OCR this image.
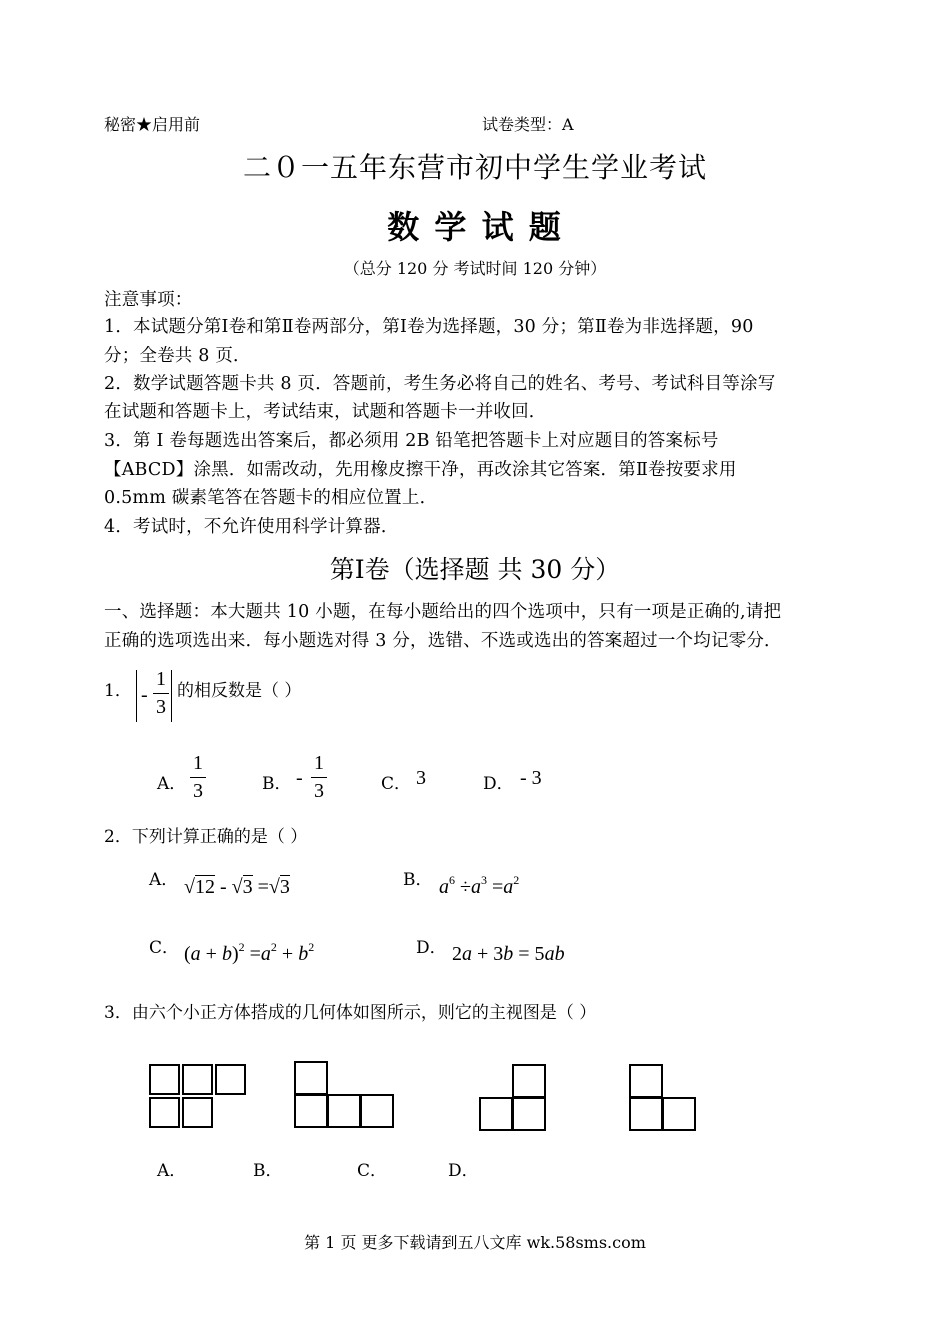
秘密★启用前	试卷类型：A
二０一五年东营市初中学生学业考试
数 学 试 题
（总分 120 分 考试时间 120 分钟）
注意事项：
1．本试题分第Ⅰ卷和第Ⅱ卷两部分，第Ⅰ卷为选择题，30 分；第Ⅱ卷为非选择题，90
分；全卷共 8 页．
2．数学试题答题卡共 8 页．答题前，考生务必将自己的姓名、考号、考试科目等涂写
在试题和答题卡上，考试结束，试题和答题卡一并收回．
3．第 Ⅰ 卷每题选出答案后，都必须用 2B 铅笔把答题卡上对应题目的答案标号
【ABCD】涂黑．如需改动，先用橡皮擦干净，再改涂其它答案．第Ⅱ卷按要求用
0.5mm 碳素笔答在答题卡的相应位置上．
4．考试时，不允许使用科学计算器．
第Ⅰ卷（选择题 共 30 分）
一、选择题：本大题共 10 小题，在每小题给出的四个选项中，只有一项是正确的,请把
正确的选项选出来．每小题选对得 3 分，选错、不选或选出的答案超过一个均记零分．
1． -
1
3
的相反数是（ ）
A．
1
3	B． -
1
3	C． 3	D． - 3
2．下列计算正确的是（ ）
A． √12 - √3 =√3	B． $a^6 \div a^3 =a^2$
C． $(a + b)^2 =a^2 + b^2$	D． 2a + 3b = 5ab
3．由六个小正方体搭成的几何体如图所示，则它的主视图是（ ）
A．	B．	C．	D．
第 1 页 更多下载请到五八文库 wk.58sms.com
